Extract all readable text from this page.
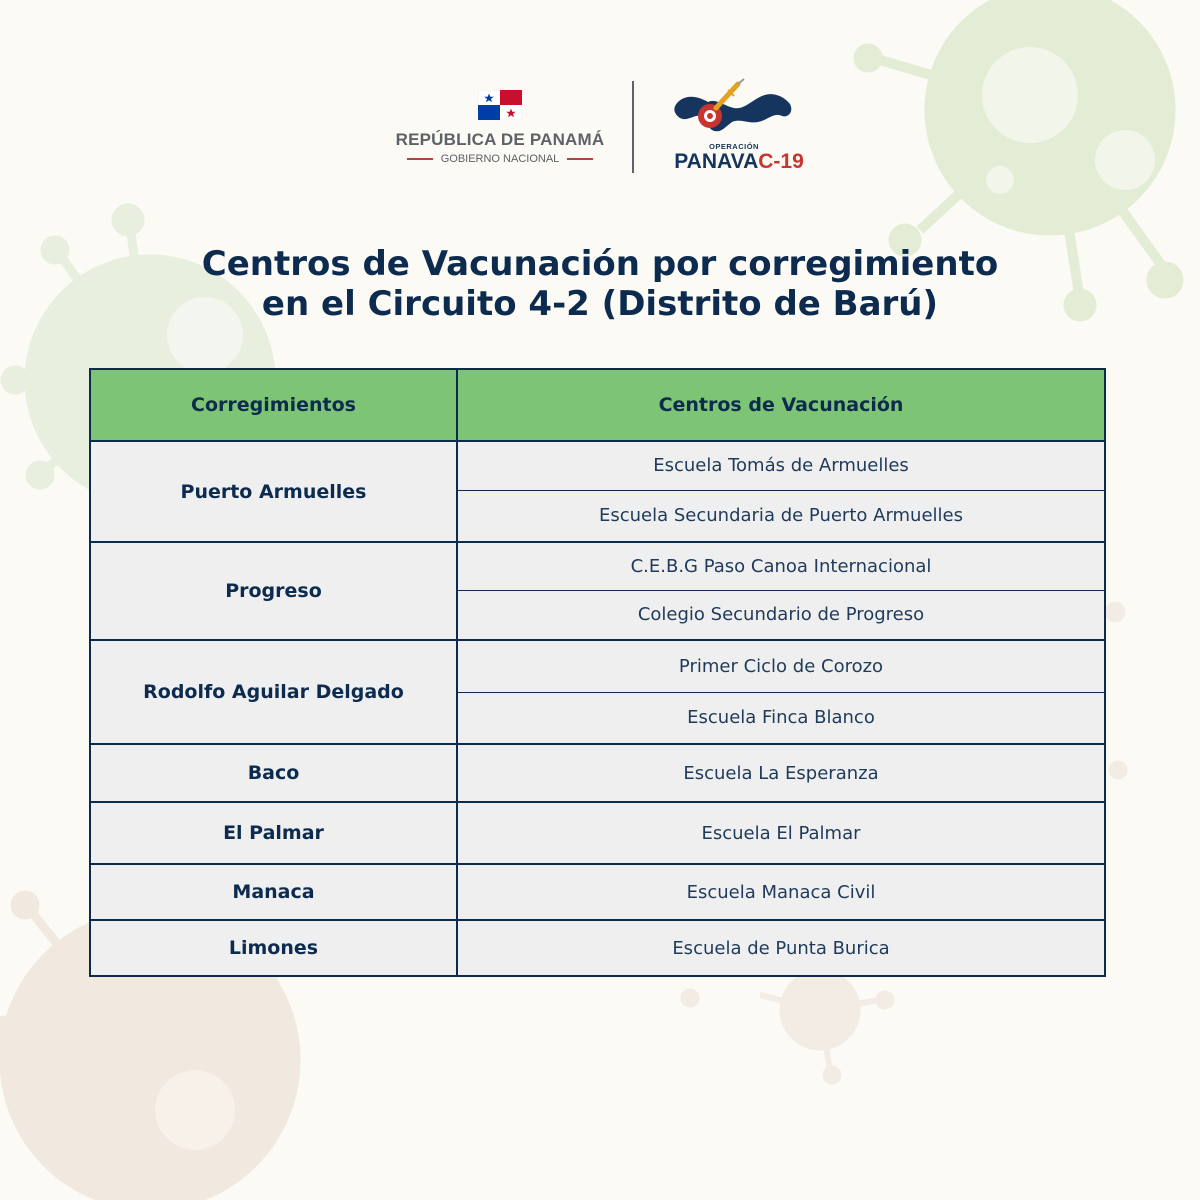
REPÚBLICA DE PANAMÁ
GOBIERNO NACIONAL
OPERACIÓN
PANAVAC-19
Centros de Vacunación por corregimiento
en el Circuito 4-2 (Distrito de Barú)
Corregimientos	Centros de Vacunación
Puerto Armuelles	Escuela Tomás de Armuelles
	Escuela Secundaria de Puerto Armuelles
Progreso	C.E.B.G Paso Canoa Internacional
	Colegio Secundario de Progreso
Rodolfo Aguilar Delgado	Primer Ciclo de Corozo
	Escuela Finca Blanco
Baco	Escuela La Esperanza
El Palmar	Escuela El Palmar
Manaca	Escuela Manaca Civil
Limones	Escuela de Punta Burica
